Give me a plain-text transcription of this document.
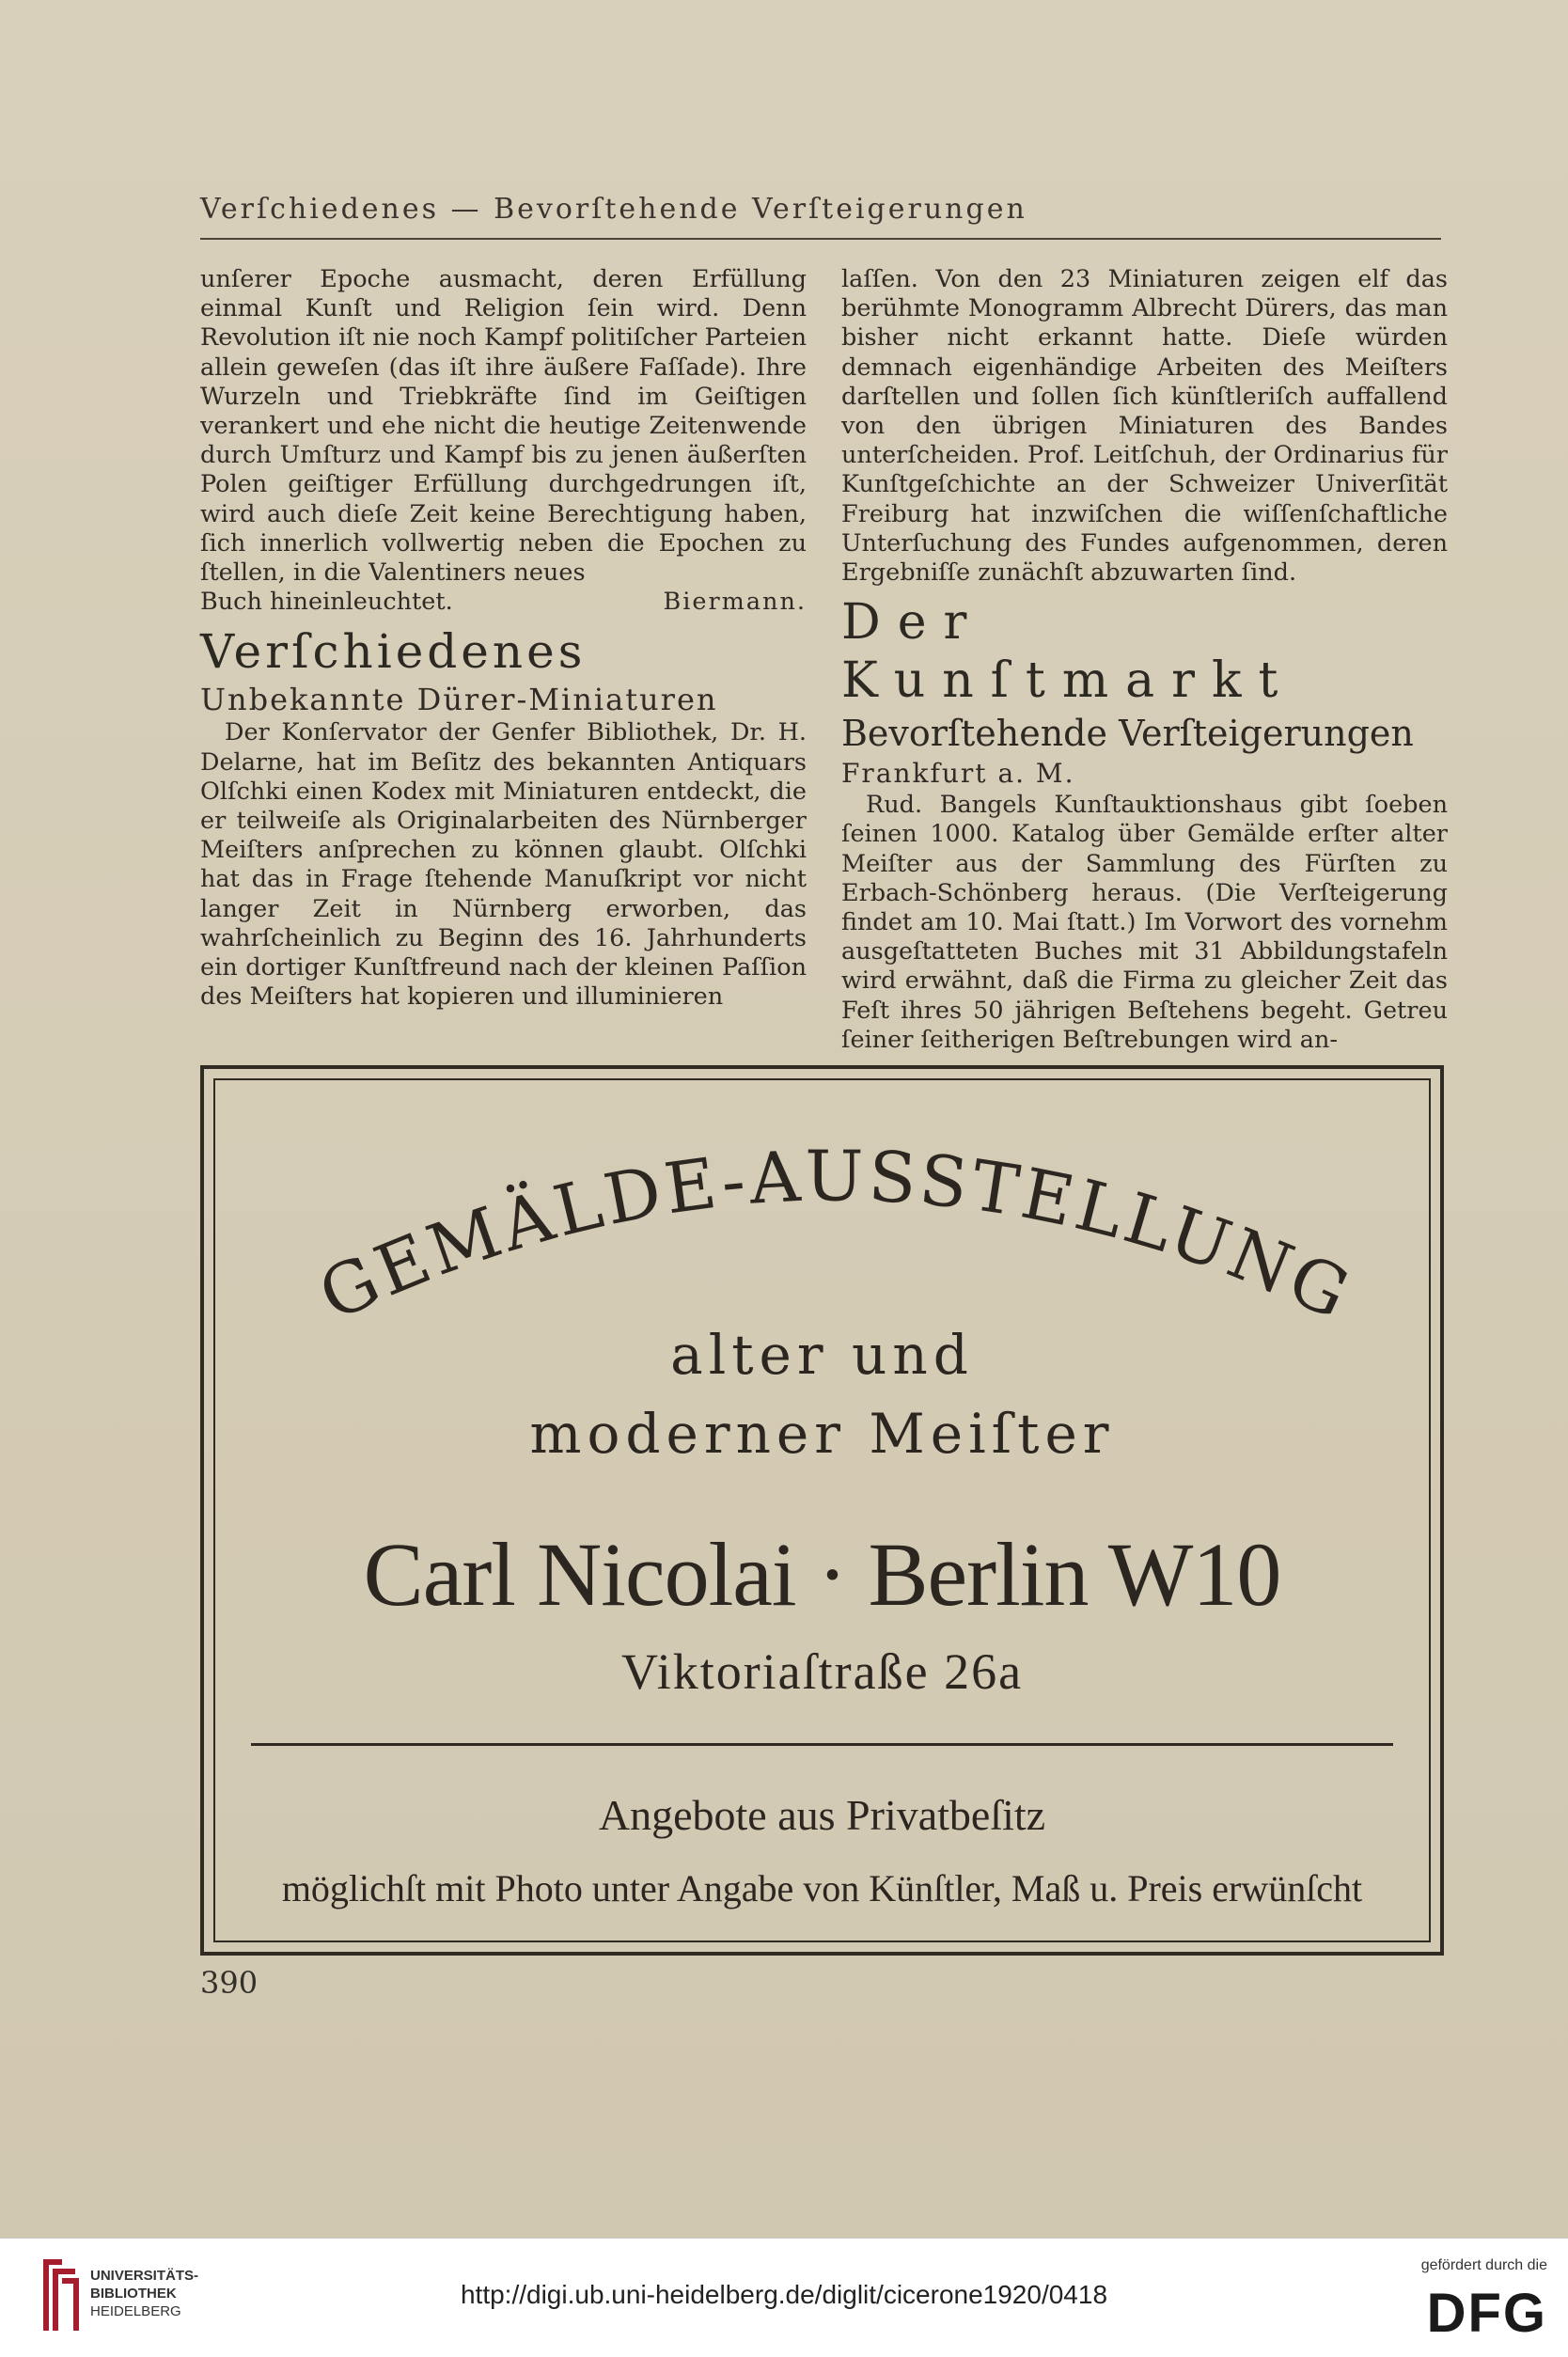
Verſchiedenes — Bevorſtehende Verſteigerungen

unſerer Epoche ausmacht, deren Erfüllung einmal Kunſt und Religion ſein wird. Denn Revolution iſt nie noch Kampf politiſcher Parteien allein geweſen (das iſt ihre äußere Faſſade). Ihre Wurzeln und Triebkräfte ſind im Geiſtigen verankert und ehe nicht die heutige Zeitenwende durch Umſturz und Kampf bis zu jenen äußerſten Polen geiſtiger Erfüllung durchgedrungen iſt, wird auch dieſe Zeit keine Berechtigung haben, ſich innerlich vollwertig neben die Epochen zu ſtellen, in die Valentiners neues

Buch hineinleuchtet.	Biermann.
Verſchiedenes
Unbekannte Dürer-Miniaturen

Der Konſervator der Genfer Bibliothek, Dr. H. Delarne, hat im Beſitz des bekannten Antiquars Olſchki einen Kodex mit Miniaturen entdeckt, die er teilweiſe als Originalarbeiten des Nürnberger Meiſters anſprechen zu können glaubt. Olſchki hat das in Frage ſtehende Manuſkript vor nicht langer Zeit in Nürnberg erworben, das wahrſcheinlich zu Beginn des 16. Jahrhunderts ein dortiger Kunſtfreund nach der kleinen Paſſion des Meiſters hat kopieren und illuminieren

laſſen. Von den 23 Miniaturen zeigen elf das berühmte Monogramm Albrecht Dürers, das man bisher nicht erkannt hatte. Dieſe würden demnach eigenhändige Arbeiten des Meiſters darſtellen und ſollen ſich künſtleriſch auffallend von den übrigen Miniaturen des Bandes unterſcheiden. Prof. Leitſchuh, der Ordinarius für Kunſtgeſchichte an der Schweizer Univerſität Freiburg hat inzwiſchen die wiſſenſchaftliche Unterſuchung des Fundes aufgenommen, deren Ergebniſſe zunächſt abzuwarten ſind.

Der Kunſtmarkt
Bevorſtehende Verſteigerungen
Frankfurt a. M.

Rud. Bangels Kunſtauktionshaus gibt ſoeben ſeinen 1000. Katalog über Gemälde erſter alter Meiſter aus der Sammlung des Fürſten zu Erbach-Schönberg heraus. (Die Verſteigerung findet am 10. Mai ſtatt.) Im Vorwort des vornehm ausgeſtatteten Buches mit 31 Abbildungstafeln wird erwähnt, daß die Firma zu gleicher Zeit das Feſt ihres 50 jährigen Beſtehens begeht. Getreu ſeiner ſeitherigen Beſtrebungen wird an-

GEMÄLDE-AUSSTELLUNG
alter und
moderner Meiſter
Carl Nicolai · Berlin W10
Viktoriaſtraße 26a
Angebote aus Privatbeſitz
möglichſt mit Photo unter Angabe von Künſtler, Maß u. Preis erwünſcht
390
UNIVERSITÄTS-
BIBLIOTHEK
HEIDELBERG
http://digi.ub.uni-heidelberg.de/diglit/cicerone1920/0418
gefördert durch die
DFG
